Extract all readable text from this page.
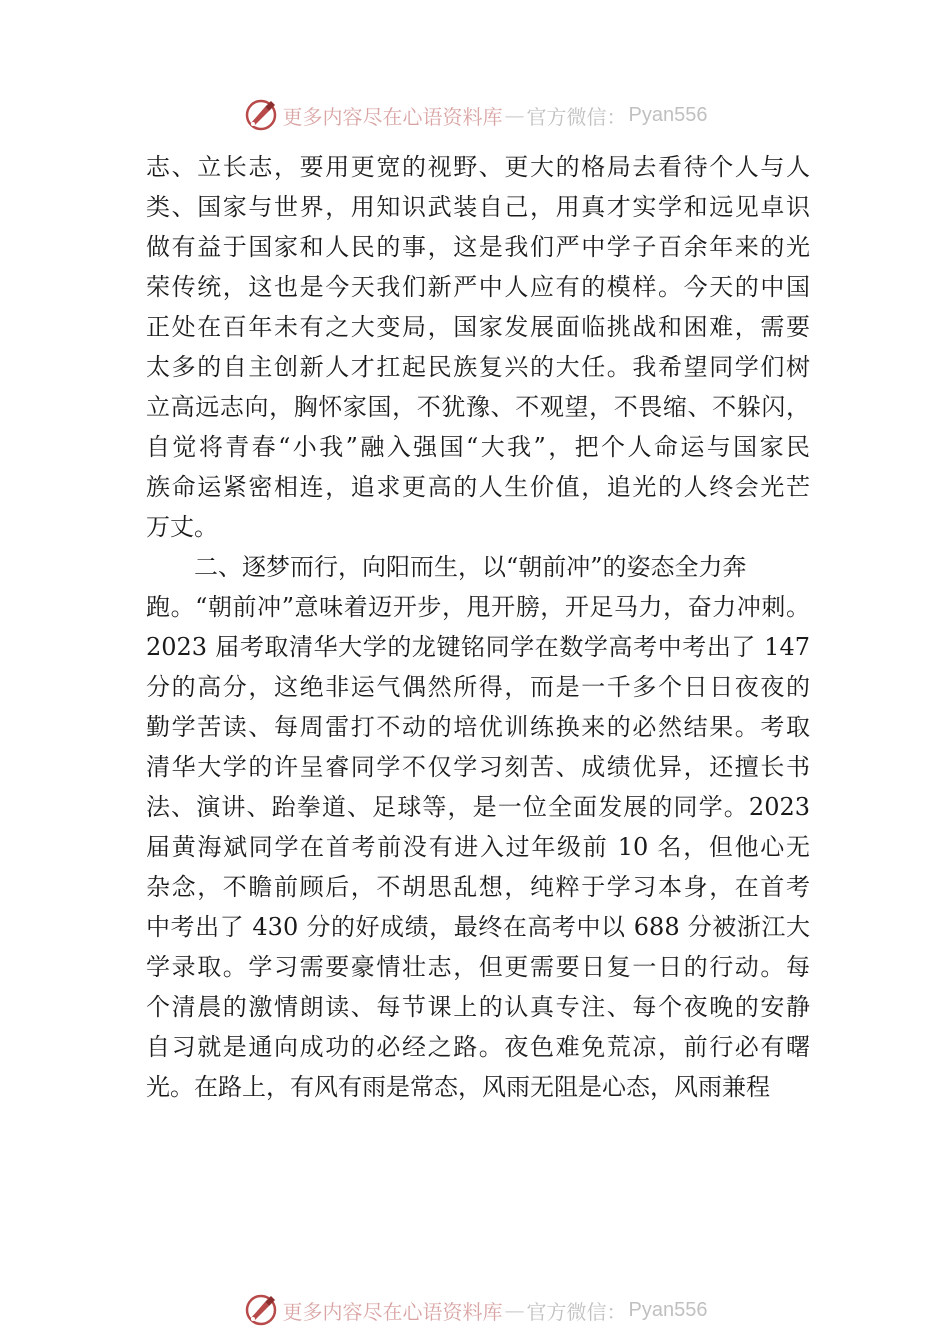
更多内容尽在心语资料库 — 官方微信： Pyan556
志、立长志，要用更宽的视野、更大的格局去看待个人与人
类、国家与世界，用知识武装自己，用真才实学和远见卓识
做有益于国家和人民的事，这是我们严中学子百余年来的光
荣传统，这也是今天我们新严中人应有的模样。今天的中国
正处在百年未有之大变局，国家发展面临挑战和困难，需要
太多的自主创新人才扛起民族复兴的大任。我希望同学们树
立高远志向，胸怀家国，不犹豫、不观望，不畏缩、不躲闪，
自觉将青春“小我”融入强国“大我”，把个人命运与国家民
族命运紧密相连，追求更高的人生价值，追光的人终会光芒
万丈。
二、逐梦而行，向阳而生，以“朝前冲”的姿态全力奔
跑。“朝前冲”意味着迈开步，甩开膀，开足马力，奋力冲刺。
2023 届考取清华大学的龙键铭同学在数学高考中考出了 147
分的高分，这绝非运气偶然所得，而是一千多个日日夜夜的
勤学苦读、每周雷打不动的培优训练换来的必然结果。考取
清华大学的许呈睿同学不仅学习刻苦、成绩优异，还擅长书
法、演讲、跆拳道、足球等，是一位全面发展的同学。2023
届黄海斌同学在首考前没有进入过年级前 10 名，但他心无
杂念，不瞻前顾后，不胡思乱想，纯粹于学习本身，在首考
中考出了 430 分的好成绩，最终在高考中以 688 分被浙江大
学录取。学习需要豪情壮志，但更需要日复一日的行动。每
个清晨的激情朗读、每节课上的认真专注、每个夜晚的安静
自习就是通向成功的必经之路。夜色难免荒凉，前行必有曙
光。在路上，有风有雨是常态，风雨无阻是心态，风雨兼程
更多内容尽在心语资料库 — 官方微信： Pyan556
